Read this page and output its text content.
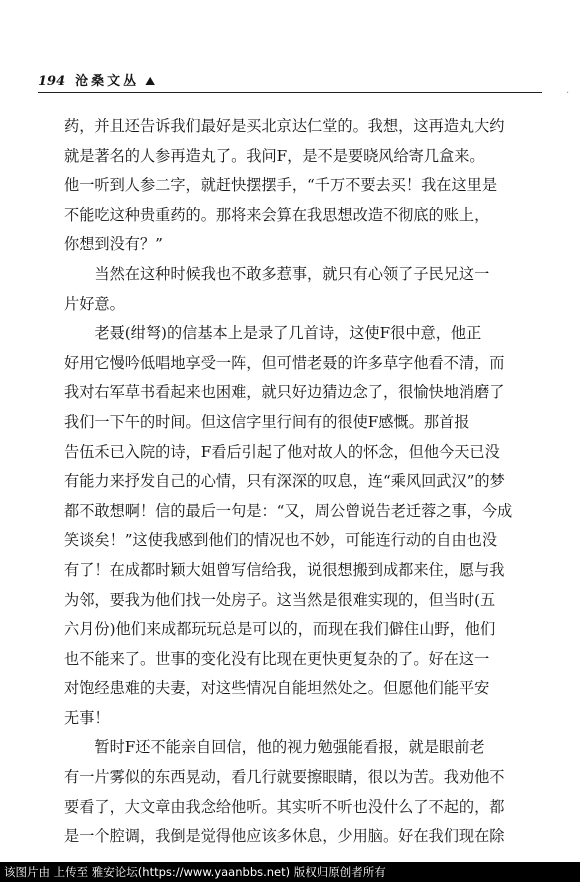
194 沧桑文丛 ⛰
·
药，并且还告诉我们最好是买北京达仁堂的。我想，这再造丸大约
就是著名的人参再造丸了。我问F，是不是要晓风给寄几盒来。
他一听到人参二字，就赶快摆摆手，“千万不要去买！我在这里是
不能吃这种贵重药的。那将来会算在我思想改造不彻底的账上，
你想到没有？”
　　当然在这种时候我也不敢多惹事，就只有心领了子民兄这一
片好意。
　　老聂(绀弩)的信基本上是录了几首诗，这使F很中意，他正
好用它慢吟低唱地享受一阵，但可惜老聂的许多草字他看不清，而
我对右军草书看起来也困难，就只好边猜边念了，很愉快地消磨了
我们一下午的时间。但这信字里行间有的很使F感慨。那首报
告伍禾已入院的诗，F看后引起了他对故人的怀念，但他今天已没
有能力来抒发自己的心情，只有深深的叹息，连“乘风回武汉”的梦
都不敢想啊！信的最后一句是：“又，周公曾说告老迁蓉之事，今成
笑谈矣！”这使我感到他们的情况也不妙，可能连行动的自由也没
有了！在成都时颖大姐曾写信给我，说很想搬到成都来住，愿与我
为邻，要我为他们找一处房子。这当然是很难实现的，但当时(五
六月份)他们来成都玩玩总是可以的，而现在我们僻住山野，他们
也不能来了。世事的变化没有比现在更快更复杂的了。好在这一
对饱经患难的夫妻，对这些情况自能坦然处之。但愿他们能平安
无事！
　　暂时F还不能亲自回信，他的视力勉强能看报，就是眼前老
有一片雾似的东西晃动，看几行就要擦眼睛，很以为苦。我劝他不
要看了，大文章由我念给他听。其实听不听也没什么了不起的，都
是一个腔调，我倒是觉得他应该多休息，少用脑。好在我们现在除
该图片由 上传至 雅安论坛(https://www.yaanbbs.net) 版权归原创者所有
